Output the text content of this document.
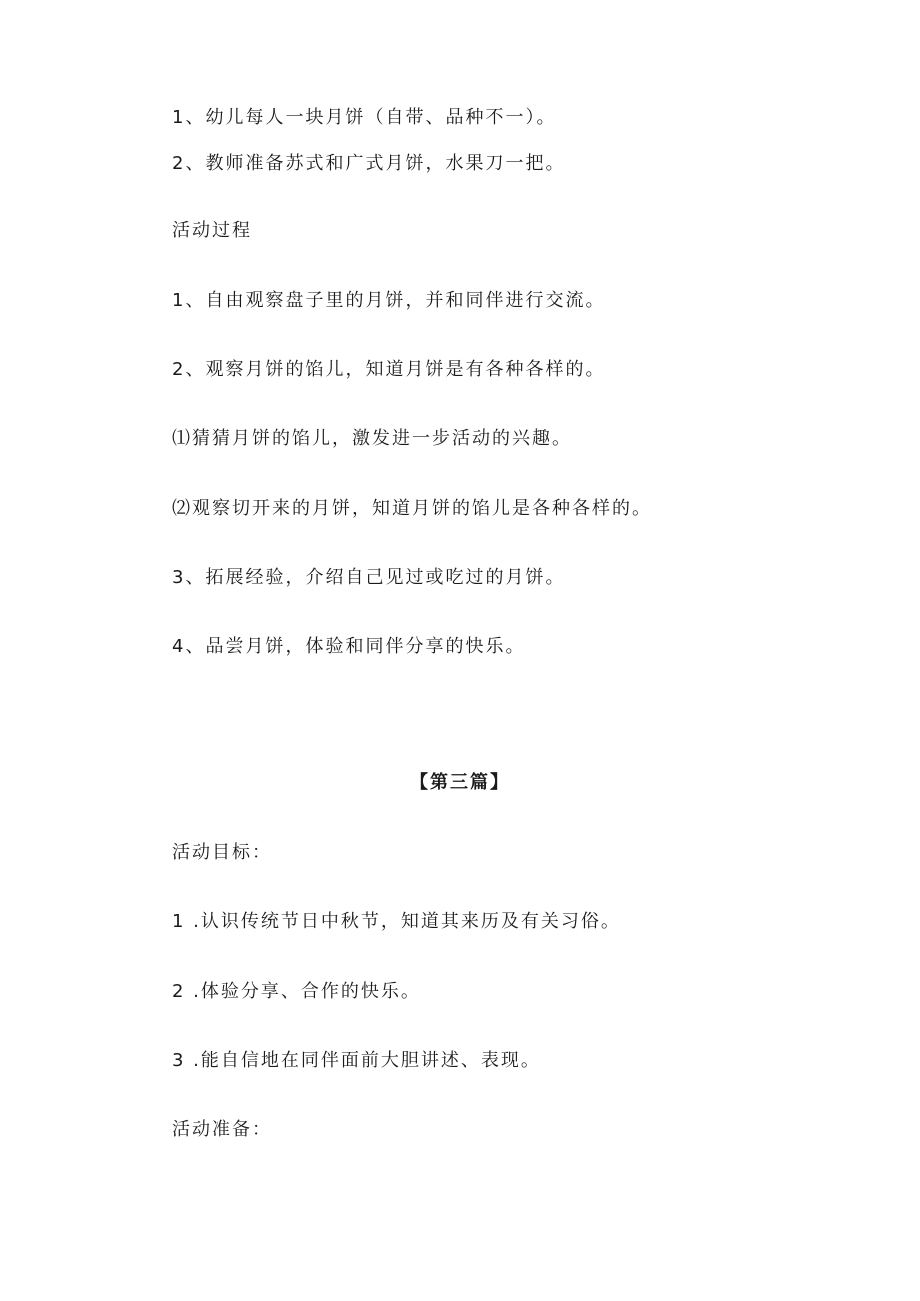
1、幼儿每人一块月饼（自带、品种不一）。
2、教师准备苏式和广式月饼，水果刀一把。
活动过程
1、自由观察盘子里的月饼，并和同伴进行交流。
2、观察月饼的馅儿，知道月饼是有各种各样的。
⑴猜猜月饼的馅儿，激发进一步活动的兴趣。
⑵观察切开来的月饼，知道月饼的馅儿是各种各样的。
3、拓展经验，介绍自己见过或吃过的月饼。
4、品尝月饼，体验和同伴分享的快乐。
【第三篇】
活动目标：
1 .认识传统节日中秋节，知道其来历及有关习俗。
2 .体验分享、合作的快乐。
3 .能自信地在同伴面前大胆讲述、表现。
活动准备：
